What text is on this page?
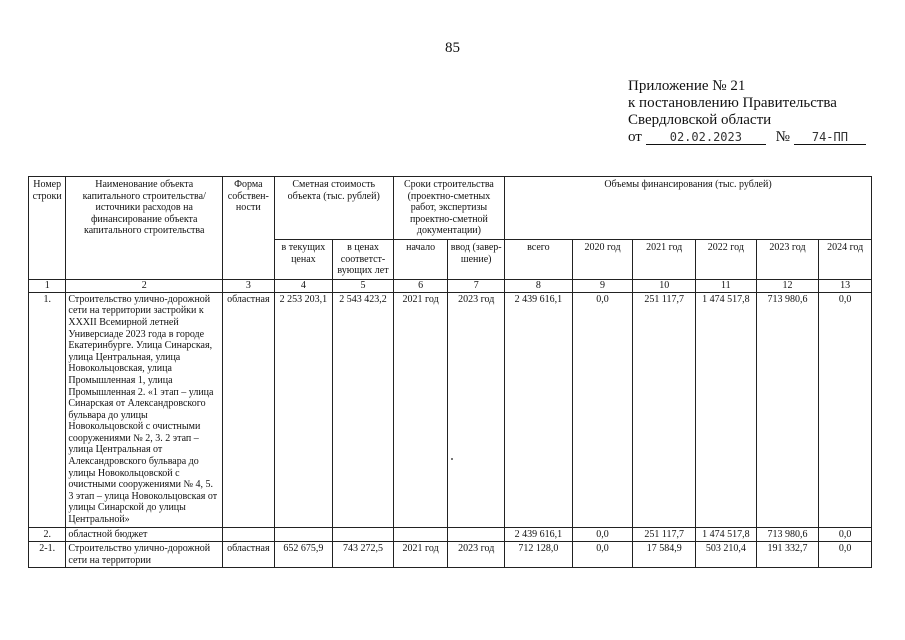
85
Приложение № 21
к постановлению Правительства
Свердловской области
от 02.02.2023 № 74-ПП
Номер строки	Наименование объекта капитального строительства/ источники расходов на финансирование объекта капитального строительства	Форма собствен-ности	Сметная стоимость объекта (тыс. рублей)		Сроки строительства (проектно-сметных работ, экспертизы проектно-сметной документации)		Объемы финансирования (тыс. рублей)					
			в текущих ценах	в ценах соответст-вующих лет	начало	ввод (завер-шение)	всего	2020 год	2021 год	2022 год	2023 год	2024 год
1	2	3	4	5	6	7	8	9	10	11	12	13
1.	Строительство улично-дорожной сети на территории застройки к XXXII Всемирной летней Универсиаде 2023 года в городе Екатеринбурге. Улица Синарская, улица Центральная, улица Новокольцовская, улица Промышленная 1, улица Промышленная 2. «1 этап – улица Синарская от Александровского бульвара до улицы Новокольцовской с очистными сооружениями № 2, 3. 2 этап – улица Центральная от Александровского бульвара до улицы Новокольцовской с очистными сооружениями № 4, 5. 3 этап – улица Новокольцовская от улицы Синарской до улицы Центральной»	областная	2 253 203,1	2 543 423,2	2021 год	2023 год	2 439 616,1	0,0	251 117,7	1 474 517,8	713 980,6	0,0
2.	областной бюджет						2 439 616,1	0,0	251 117,7	1 474 517,8	713 980,6	0,0
2-1.	Строительство улично-дорожной сети на территории	областная	652 675,9	743 272,5	2021 год	2023 год	712 128,0	0,0	17 584,9	503 210,4	191 332,7	0,0
